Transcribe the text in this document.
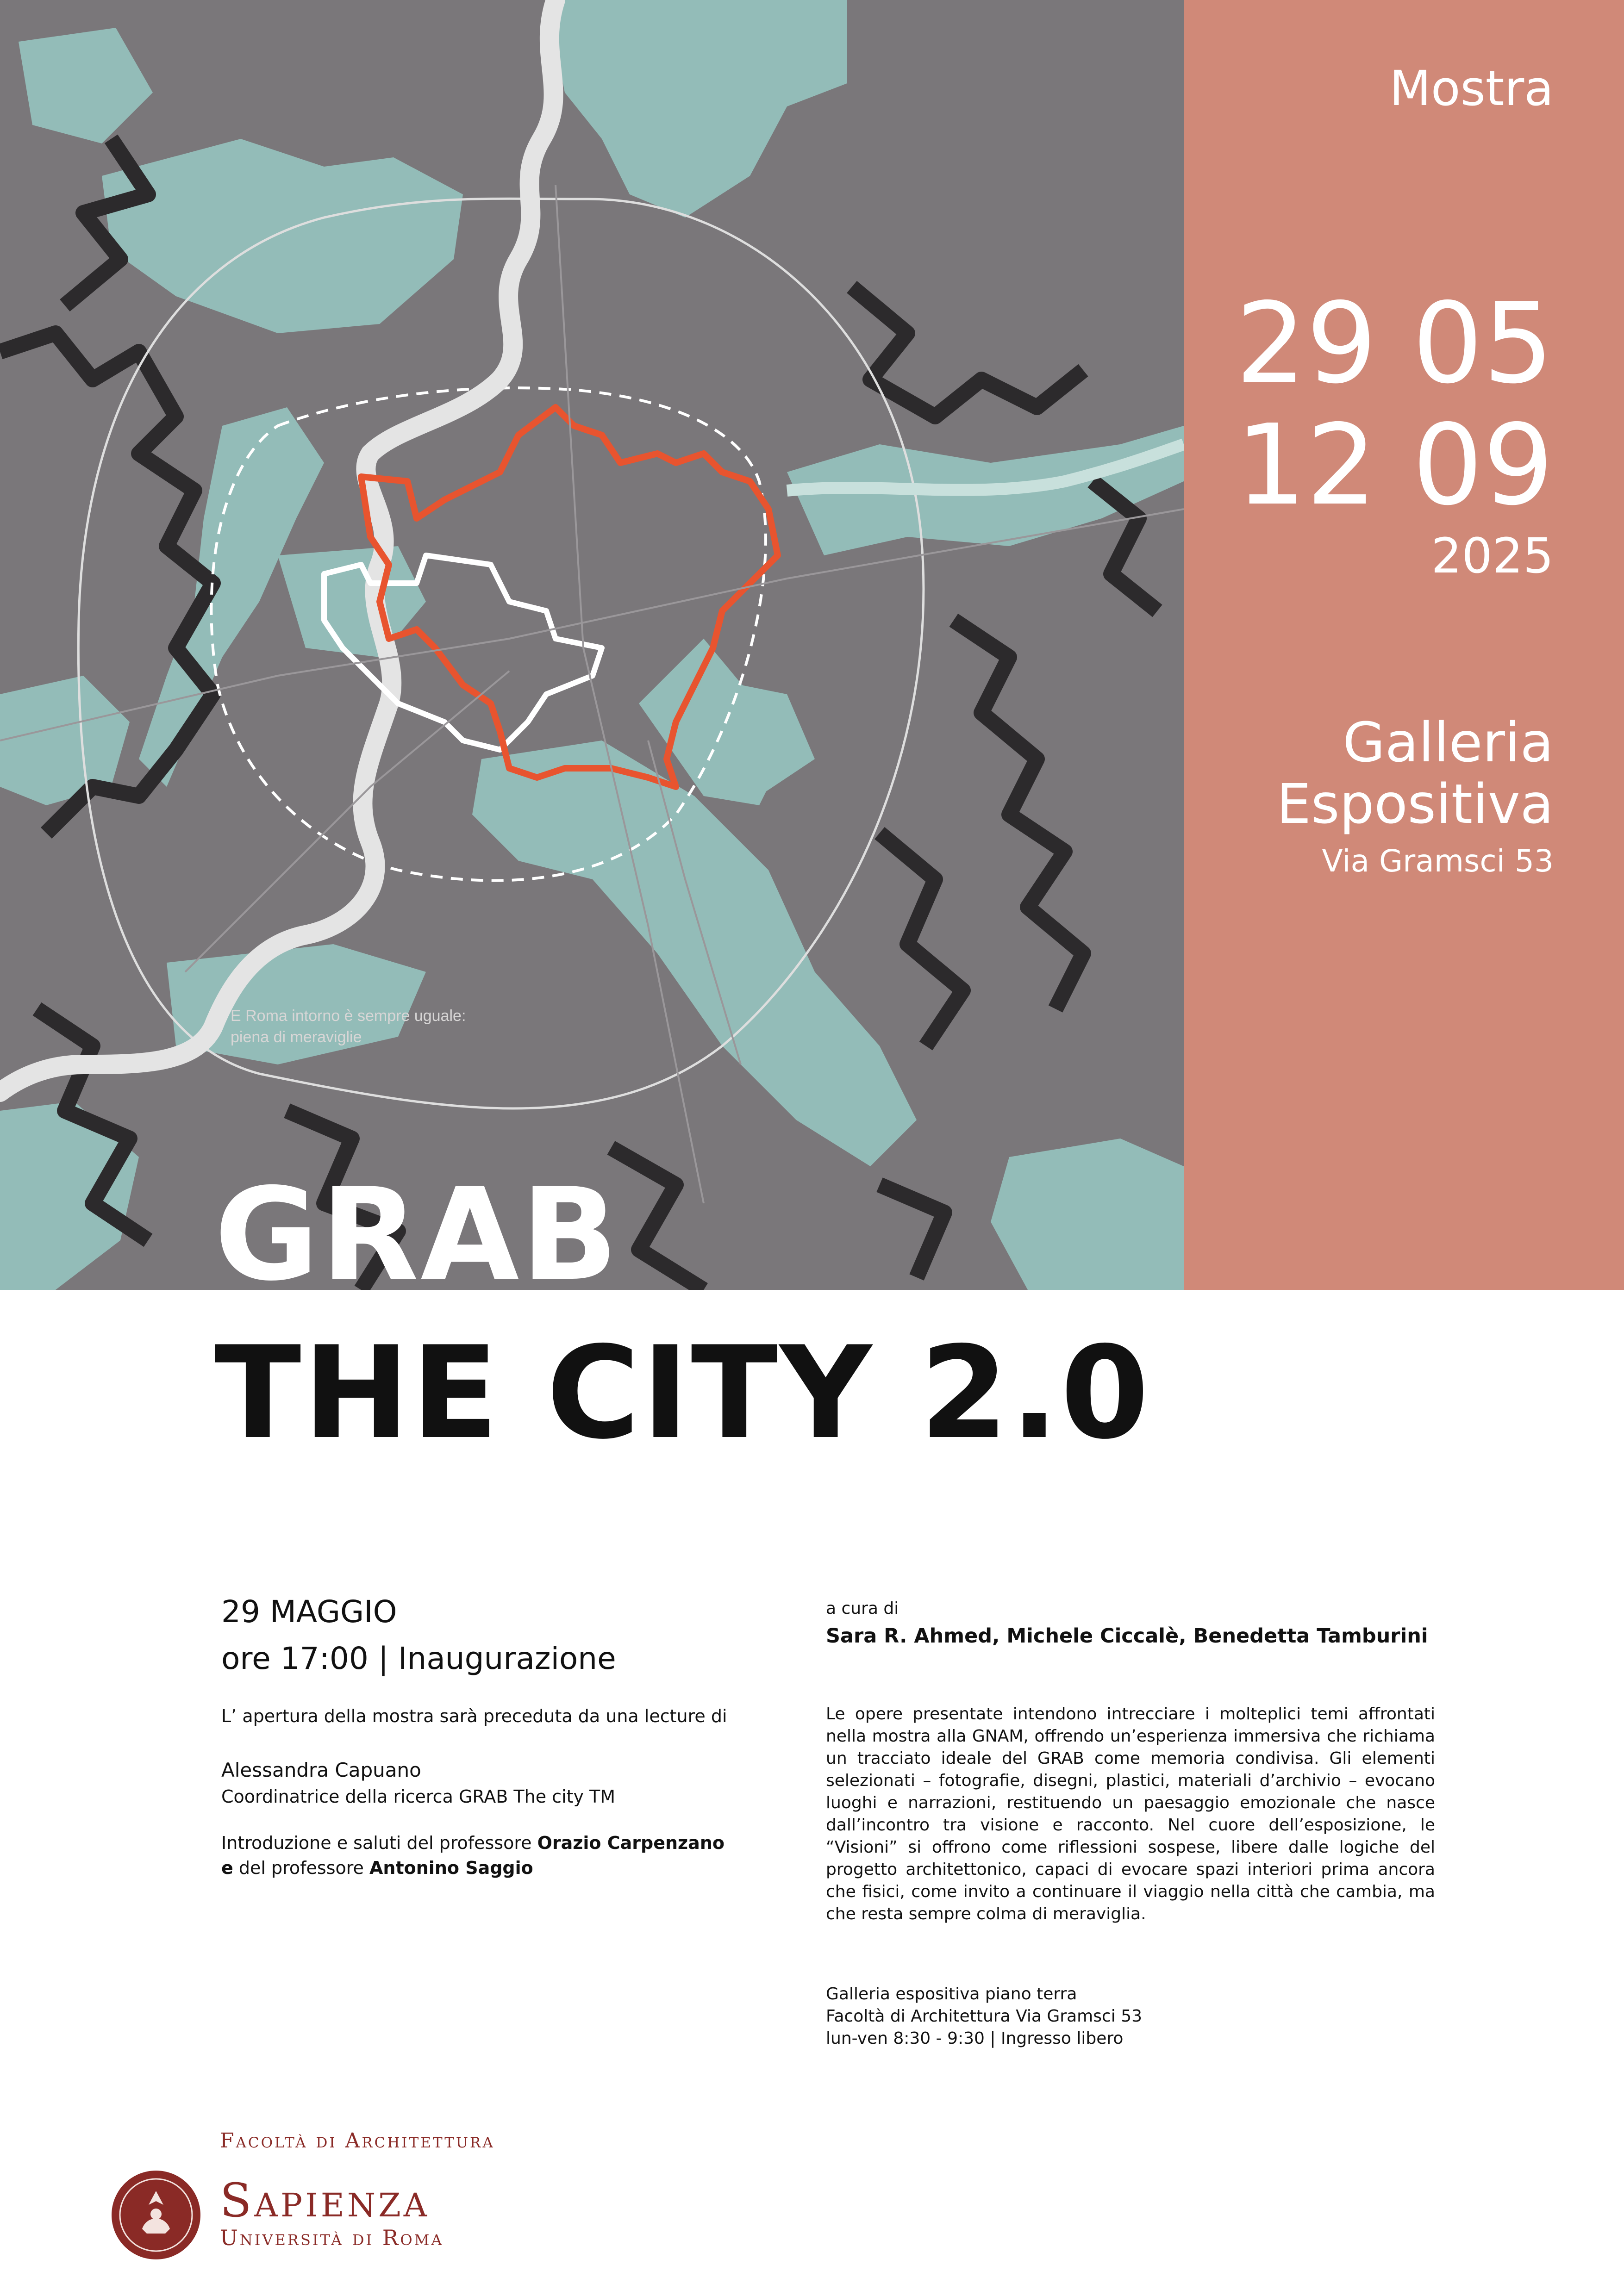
E Roma intorno è sempre uguale:
piena di meraviglie
Mostra
29 05
12 09
2025
Galleria
Espositiva
Via Gramsci 53
GRAB
THE CITY 2.0
29 MAGGIO
ore 17:00 | Inaugurazione
L’ apertura della mostra sarà preceduta da una lecture di
Alessandra Capuano
Coordinatrice della ricerca GRAB The city TM
Introduzione e saluti del professore Orazio Carpenzano
e del professore Antonino Saggio
a cura di
Sara R. Ahmed, Michele Ciccalè, Benedetta Tamburini
Le opere presentate intendono intrecciare i molteplici temi affrontati nella mostra alla GNAM, offrendo un’esperienza immersiva che richiama un tracciato ideale del GRAB come memoria condivisa. Gli elementi selezionati – fotografie, disegni, plastici, materiali d’archivio – evocano luoghi e narrazioni, restituendo un paesaggio emozionale che nasce dall’incontro tra visione e racconto. Nel cuore dell’esposizione, le “Visioni” si offrono come riflessioni sospese, libere dalle logiche del progetto architettonico, capaci di evocare spazi interiori prima ancora che fisici, come invito a continuare il viaggio nella città che cambia, ma che resta sempre colma di meraviglia.
Galleria espositiva piano terra
Facoltà di Architettura Via Gramsci 53
lun-ven 8:30 - 9:30 | Ingresso libero
Facoltà di Architettura
Sapienza
Università di Roma
